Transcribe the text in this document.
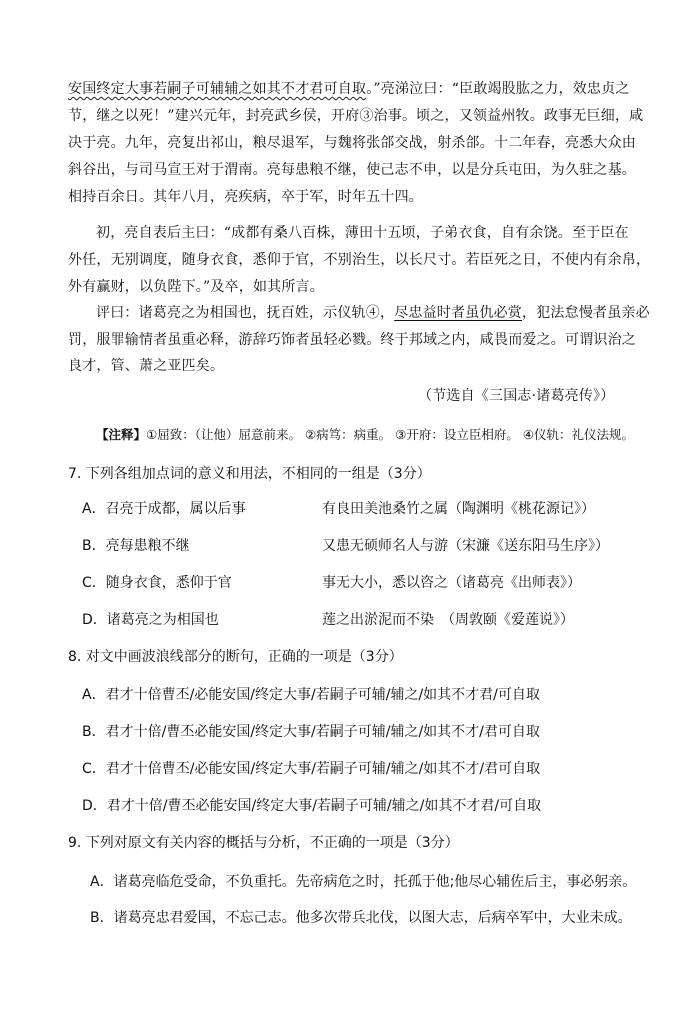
安国终定大事若嗣子可辅辅之如其不才君可自取。”亮涕泣曰：“臣敢竭股肱之力，效忠贞之
节，继之以死！”建兴元年，封亮武乡侯，开府③治事。顷之，又领益州牧。政事无巨细，咸
决于亮。九年，亮复出祁山，粮尽退军，与魏将张郃交战，射杀郃。十二年春，亮悉大众由
斜谷出，与司马宣王对于渭南。亮每患粮不继，使己志不申，以是分兵屯田，为久驻之基。
相持百余日。其年八月，亮疾病，卒于军，时年五十四。
初，亮自表后主曰：“成都有桑八百株，薄田十五顷，子弟衣食，自有余饶。至于臣在
外任，无别调度，随身衣食，悉仰于官，不别治生，以长尺寸。若臣死之日，不使内有余帛，
外有赢财，以负陛下。”及卒，如其所言。
评曰：诸葛亮之为相国也，抚百姓，示仪轨④，尽忠益时者虽仇必赏，犯法怠慢者虽亲必
罚，服罪输情者虽重必释，游辞巧饰者虽轻必戮。终于邦域之内，咸畏而爱之。可谓识治之
良才，管、萧之亚匹矣。
（节选自《三国志·诸葛亮传》）
【注释】①屈致：（让他）屈意前来。 ②病笃：病重。 ③开府：设立臣相府。 ④仪轨：礼仪法规。
7. 下列各组加点词的意义和用法，不相同的一组是（3分）
A．召亮于成都，属以后事	有良田美池桑竹之属（陶渊明《桃花源记》）
B．亮每患粮不继	又患无硕师名人与游（宋濂《送东阳马生序》）
C．随身衣食，悉仰于官	事无大小，悉以咨之（诸葛亮《出师表》）
D．诸葛亮之为相国也	莲之出淤泥而不染　（周敦颐《爱莲说》）
8. 对文中画波浪线部分的断句，正确的一项是（3分）
A．君才十倍曹丕/必能安国/终定大事/若嗣子可辅/辅之/如其不才君/可自取
B．君才十倍/曹丕必能安国/终定大事/若嗣子可辅/辅之/如其不才/君可自取
C．君才十倍曹丕/必能安国/终定大事/若嗣子可辅/辅之/如其不才/君可自取
D．君才十倍/曹丕必能安国/终定大事/若嗣子可辅/辅之/如其不才君/可自取
9. 下列对原文有关内容的概括与分析，不正确的一项是（3分）
A．诸葛亮临危受命，不负重托。先帝病危之时，托孤于他;他尽心辅佐后主，事必躬亲。
B．诸葛亮忠君爱国，不忘己志。他多次带兵北伐，以图大志，后病卒军中，大业未成。
